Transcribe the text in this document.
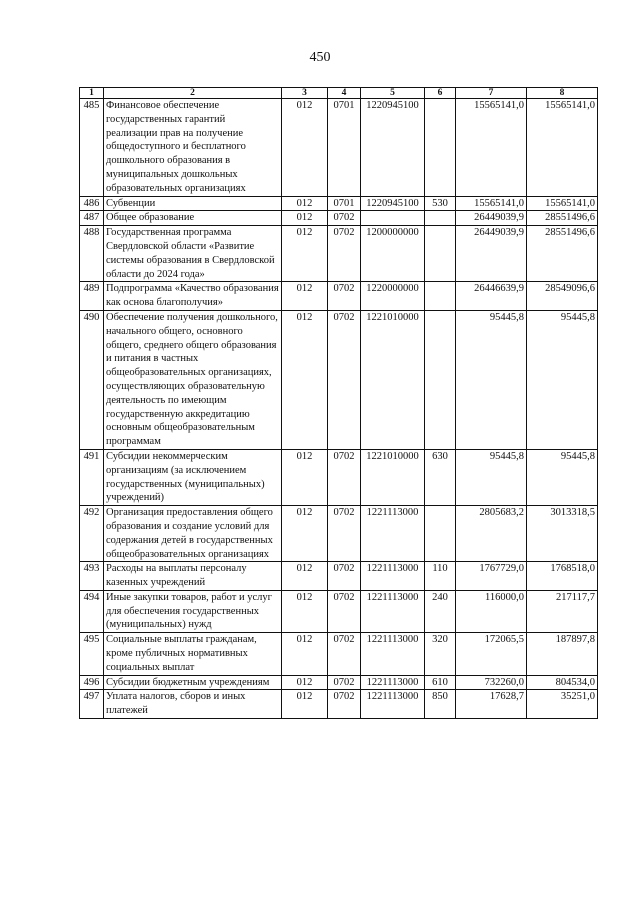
450
1	2	3	4	5	6	7	8
485	Финансовое обеспечение государственных гарантий реализации прав на получение общедоступного и бесплатного дошкольного образования в муниципальных дошкольных образовательных организациях	012	0701	1220945100		15565141,0	15565141,0
486	Субвенции	012	0701	1220945100	530	15565141,0	15565141,0
487	Общее образование	012	0702			26449039,9	28551496,6
488	Государственная программа Свердловской области «Развитие системы образования в Свердловской области до 2024 года»	012	0702	1200000000		26449039,9	28551496,6
489	Подпрограмма «Качество образования как основа благополучия»	012	0702	1220000000		26446639,9	28549096,6
490	Обеспечение получения дошкольного, начального общего, основного общего, среднего общего образования и питания в частных общеобразовательных организациях, осуществляющих образовательную деятельность по имеющим государственную аккредитацию основным общеобразовательным программам	012	0702	1221010000		95445,8	95445,8
491	Субсидии некоммерческим организациям (за исключением государственных (муниципальных) учреждений)	012	0702	1221010000	630	95445,8	95445,8
492	Организация предоставления общего образования и создание условий для содержания детей в государственных общеобразовательных организациях	012	0702	1221113000		2805683,2	3013318,5
493	Расходы на выплаты персоналу казенных учреждений	012	0702	1221113000	110	1767729,0	1768518,0
494	Иные закупки товаров, работ и услуг для обеспечения государственных (муниципальных) нужд	012	0702	1221113000	240	116000,0	217117,7
495	Социальные выплаты гражданам, кроме публичных нормативных социальных выплат	012	0702	1221113000	320	172065,5	187897,8
496	Субсидии бюджетным учреждениям	012	0702	1221113000	610	732260,0	804534,0
497	Уплата налогов, сборов и иных платежей	012	0702	1221113000	850	17628,7	35251,0
